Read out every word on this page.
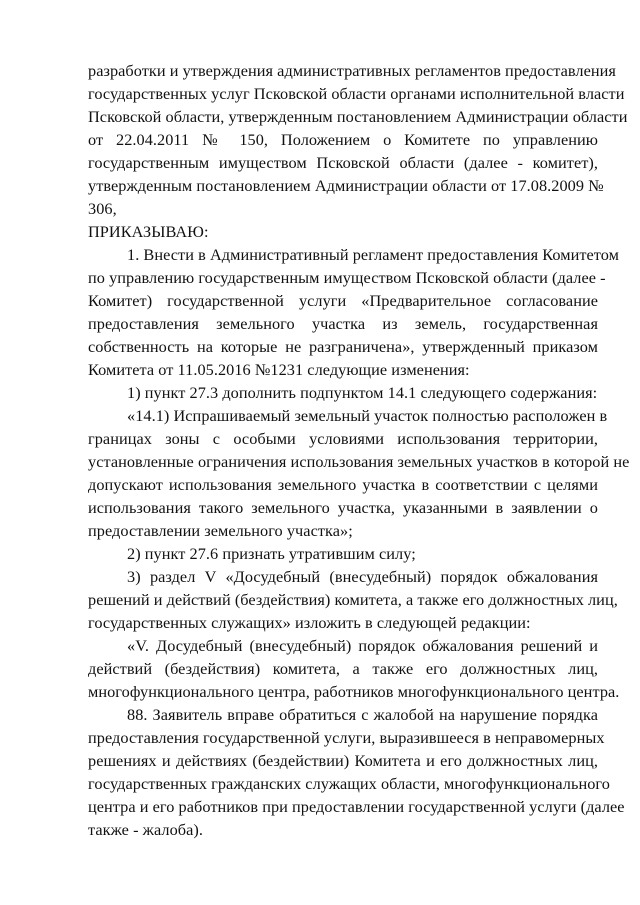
разработки и утверждения административных регламентов предоставления
государственных услуг Псковской области органами исполнительной власти
Псковской области, утвержденным постановлением Администрации области
от 22.04.2011 № 150, Положением о Комитете по управлению
государственным имуществом Псковской области (далее - комитет),
утвержденным постановлением Администрации области от 17.08.2009 №
306,
ПРИКАЗЫВАЮ:
1. Внести в Административный регламент предоставления Комитетом
по управлению государственным имуществом Псковской области (далее -
Комитет) государственной услуги «Предварительное согласование
предоставления земельного участка из земель, государственная
собственность на которые не разграничена», утвержденный приказом
Комитета от 11.05.2016 №1231 следующие изменения:
1) пункт 27.3 дополнить подпунктом 14.1 следующего содержания:
«14.1) Испрашиваемый земельный участок полностью расположен в
границах зоны с особыми условиями использования территории,
установленные ограничения использования земельных участков в которой не
допускают использования земельного участка в соответствии с целями
использования такого земельного участка, указанными в заявлении о
предоставлении земельного участка»;
2) пункт 27.6 признать утратившим силу;
3) раздел V «Досудебный (внесудебный) порядок обжалования
решений и действий (бездействия) комитета, а также его должностных лиц,
государственных служащих» изложить в следующей редакции:
«V. Досудебный (внесудебный) порядок обжалования решений и
действий (бездействия) комитета, а также его должностных лиц,
многофункционального центра, работников многофункционального центра.
88. Заявитель вправе обратиться с жалобой на нарушение порядка
предоставления государственной услуги, выразившееся в неправомерных
решениях и действиях (бездействии) Комитета и его должностных лиц,
государственных гражданских служащих области, многофункционального
центра и его работников при предоставлении государственной услуги (далее
также - жалоба).
